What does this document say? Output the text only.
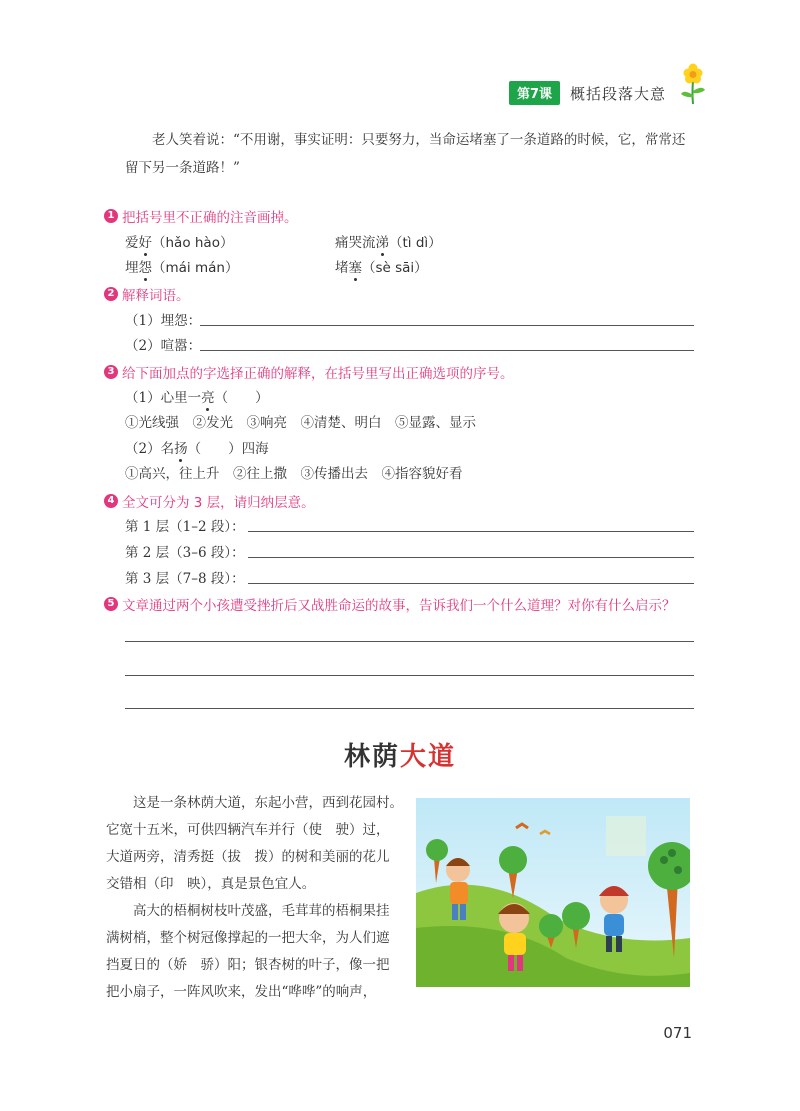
第7课	概括段落大意
老人笑着说：“不用谢，事实证明：只要努力，当命运堵塞了一条道路的时候，它，常常还留下另一条道路！”
1 把括号里不正确的注音画掉。
爱好（hǎo hào）	痛哭流涕（tì dì）
埋怨（mái mán）	堵塞（sè sāi）
2 解释词语。
（1）埋怨：
（2）喧嚣：
3 给下面加点的字选择正确的解释，在括号里写出正确选项的序号。
（1）心里一亮（　　）
①光线强　②发光　③响亮　④清楚、明白　⑤显露、显示
（2）名扬（　　）四海
①高兴，往上升　②往上撒　③传播出去　④指容貌好看
4 全文可分为 3 层，请归纳层意。
第 1 层（1–2 段）：
第 2 层（3–6 段）：
第 3 层（7–8 段）：
5 文章通过两个小孩遭受挫折后又战胜命运的故事，告诉我们一个什么道理？对你有什么启示？
林荫大道
　　这是一条林荫大道，东起小营，西到花园村。
它宽十五米，可供四辆汽车并行（使　驶）过，
大道两旁，清秀挺（拔　拨）的树和美丽的花儿
交错相（印　映），真是景色宜人。
　　高大的梧桐树枝叶茂盛，毛茸茸的梧桐果挂
满树梢，整个树冠像撑起的一把大伞，为人们遮
挡夏日的（娇　骄）阳；银杏树的叶子，像一把
把小扇子，一阵风吹来，发出“哗哗”的响声，
071
